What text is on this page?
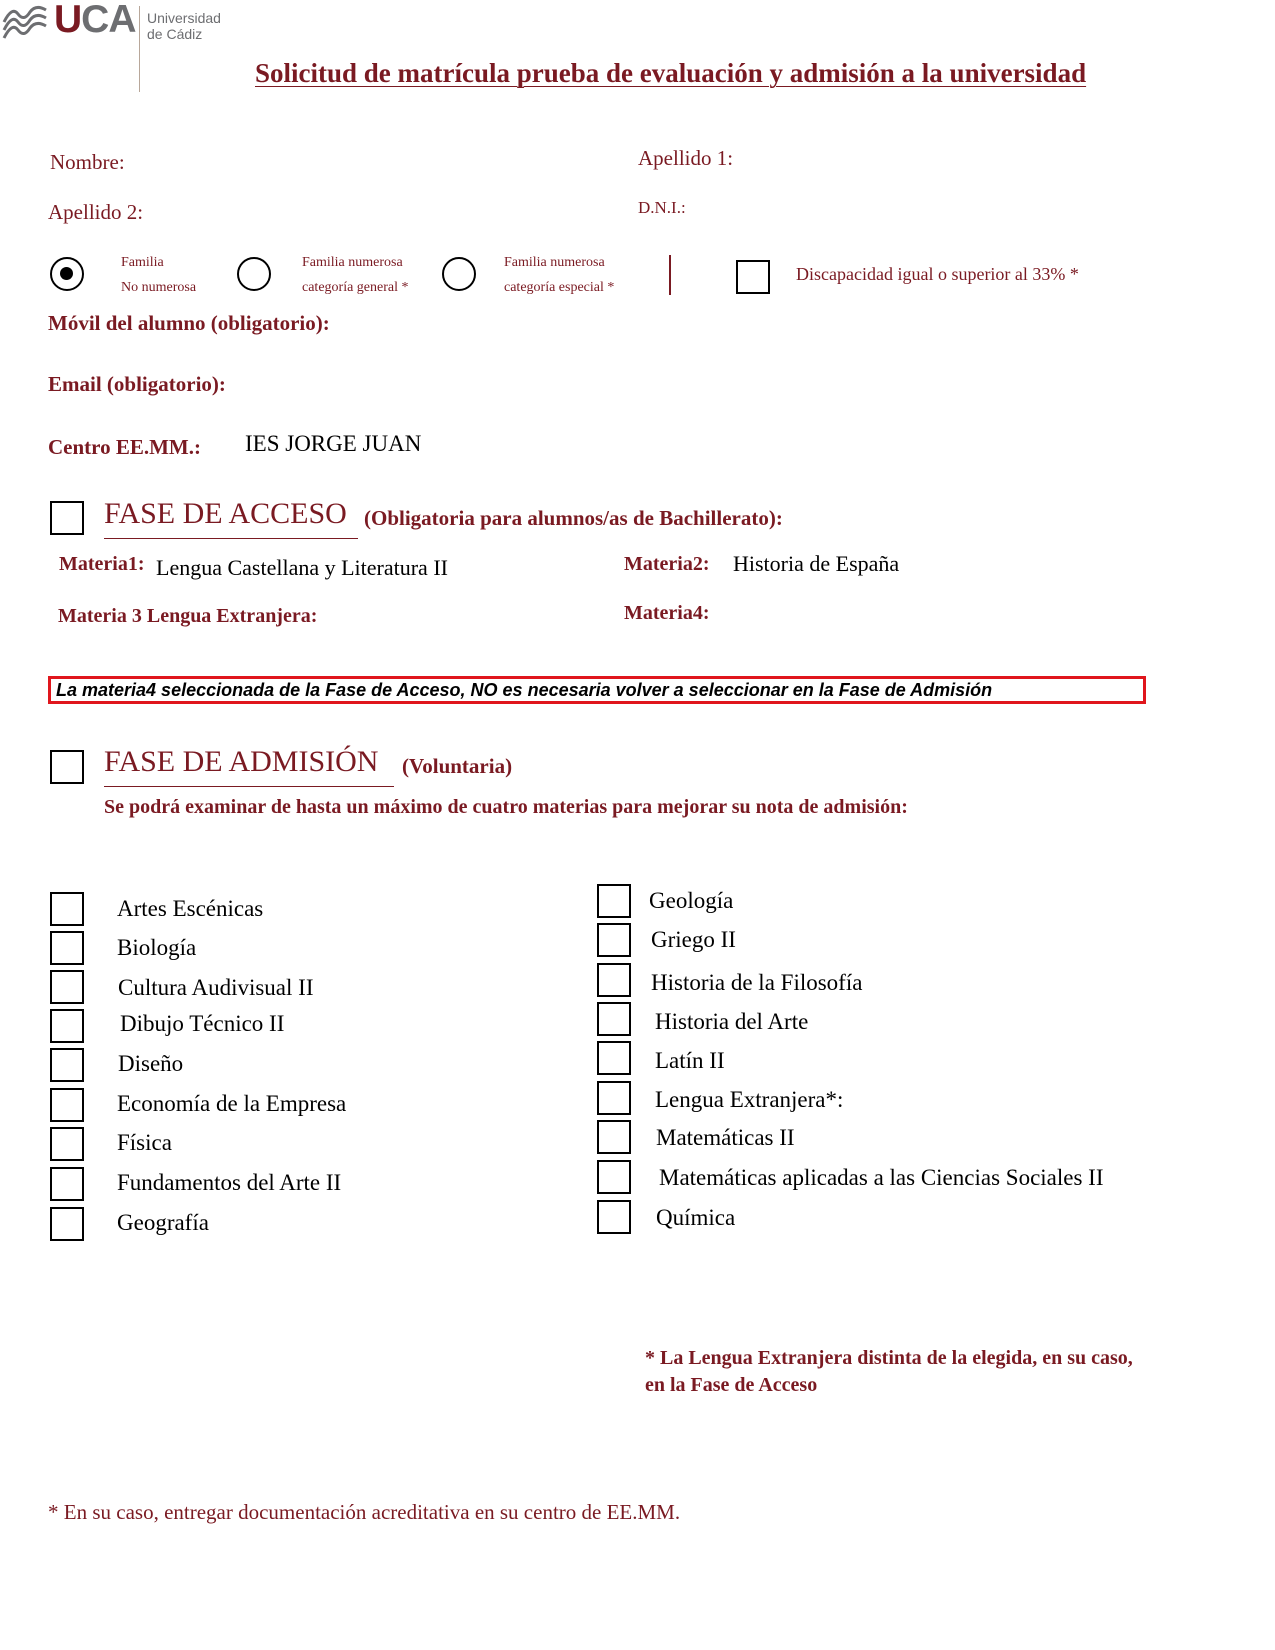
UCA Universidad
de Cádiz
Solicitud de matrícula prueba de evaluación y admisión a la universidad
Nombre:	Apellido 1:
Apellido 2:	D.N.I.:
Familia
No numerosa
Familia numerosa
categoría general *
Familia numerosa
categoría especial *
Discapacidad igual o superior al 33% *
Móvil del alumno (obligatorio):
Email (obligatorio):
Centro EE.MM.: IES JORGE JUAN
FASE DE ACCESO (Obligatoria para alumnos/as de Bachillerato):
Materia1: Lengua Castellana y Literatura II	Materia2: Historia de España
Materia 3 Lengua Extranjera:	Materia4:
La materia4 seleccionada de la Fase de Acceso, NO es necesaria volver a seleccionar en la Fase de Admisión
FASE DE ADMISIÓN (Voluntaria)
Se podrá examinar de hasta un máximo de cuatro materias para mejorar su nota de admisión:
Artes Escénicas
Biología
Cultura Audivisual II
Dibujo Técnico II
Diseño
Economía de la Empresa
Física
Fundamentos del Arte II
Geografía
Geología
Griego II
Historia de la Filosofía
Historia del Arte
Latín II
Lengua Extranjera*:
Matemáticas II
Matemáticas aplicadas a las Ciencias Sociales II
Química
* La Lengua Extranjera distinta de la elegida, en su caso,
en la Fase de Acceso
* En su caso, entregar documentación acreditativa en su centro de EE.MM.
